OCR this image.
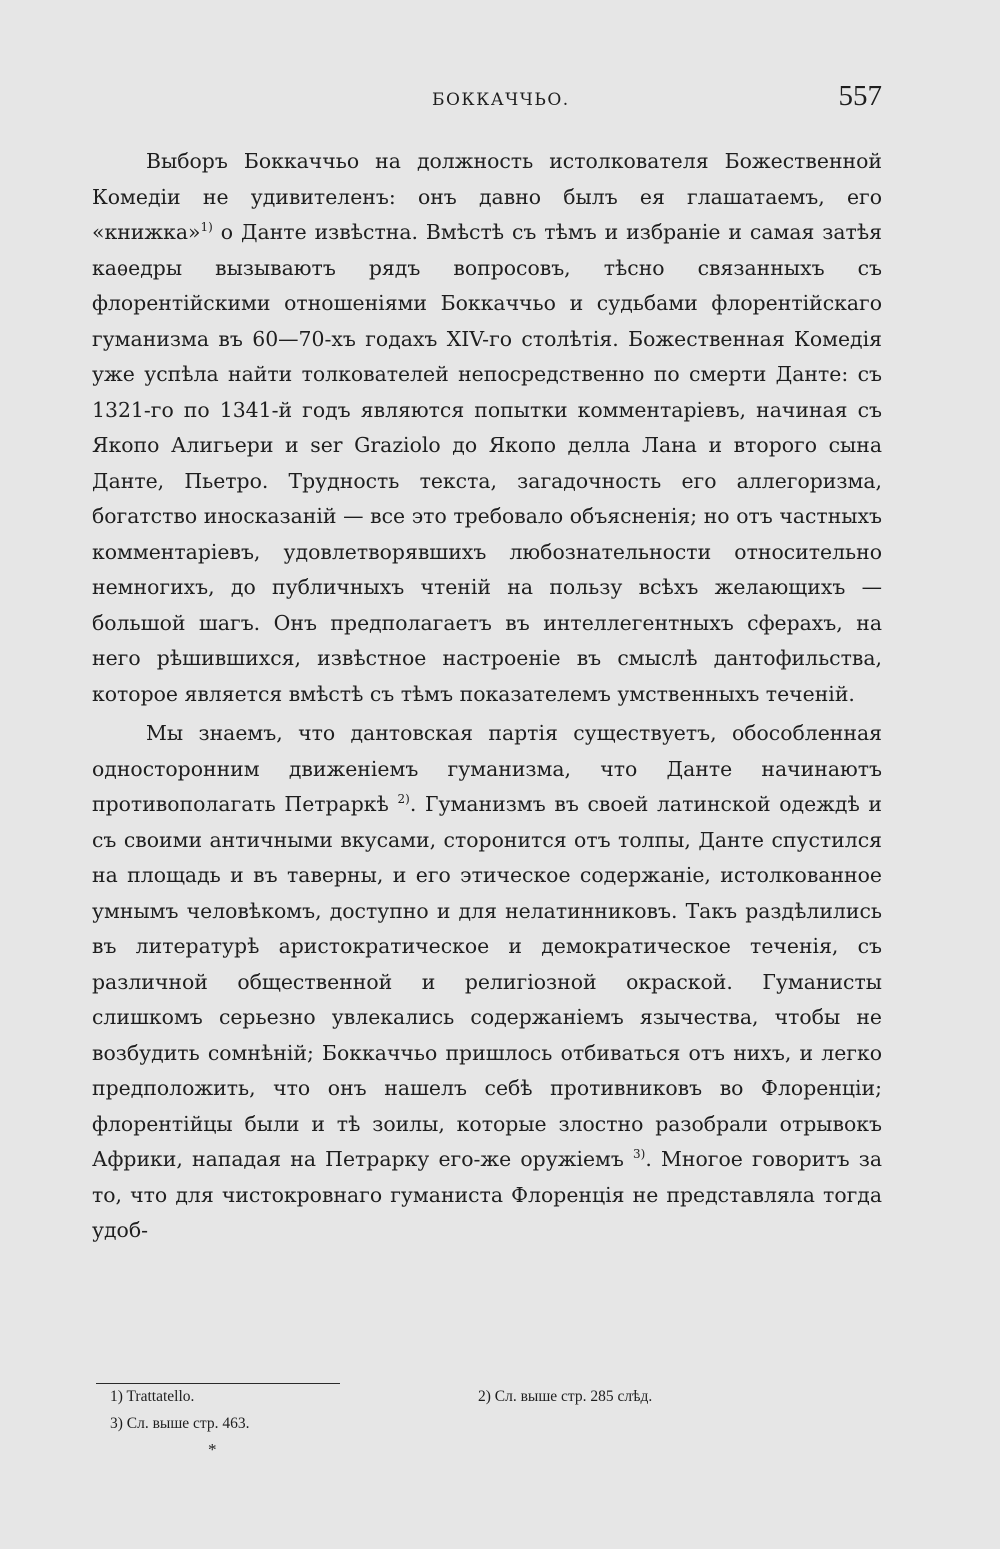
БОККАЧЧЬО.	557

Выборъ Боккаччьо на должность истолкователя Божественной Комедіи не удивителенъ: онъ давно былъ ея глашатаемъ, его «книжка»$^{1)}$ о Данте извѣстна. Вмѣстѣ съ тѣмъ и избраніе и самая затѣя каѳедры вызываютъ рядъ вопросовъ, тѣсно связанныхъ съ флорентійскими отношеніями Боккаччьо и судьбами флорентійскаго гуманизма въ 60—70-хъ годахъ XIV-го столѣтія. Божественная Комедія уже успѣла найти толкователей непосредственно по смерти Данте: съ 1321-го по 1341-й годъ являются попытки комментаріевъ, начиная съ Якопо Алигьери и ser Graziolo до Якопо делла Лана и второго сына Данте, Пьетро. Трудность текста, загадочность его аллегоризма, богатство иносказаній — все это требовало объясненія; но отъ частныхъ комментаріевъ, удовлетворявшихъ любознательности относительно немногихъ, до публичныхъ чтеній на пользу всѣхъ желающихъ — большой шагъ. Онъ предполагаетъ въ интеллегентныхъ сферахъ, на него рѣшившихся, извѣстное настроеніе въ смыслѣ дантофильства, которое является вмѣстѣ съ тѣмъ показателемъ умственныхъ теченій.

Мы знаемъ, что дантовская партія существуетъ, обособленная односторонним движеніемъ гуманизма, что Данте начинаютъ противополагать Петраркѣ $^{2)}$. Гуманизмъ въ своей латинской одеждѣ и съ своими античными вкусами, сторонится отъ толпы, Данте спустился на площадь и въ таверны, и его этическое содержаніе, истолкованное умнымъ человѣкомъ, доступно и для нелатинниковъ. Такъ раздѣлились въ литературѣ аристократическое и демократическое теченія, съ различной общественной и религіозной окраской. Гуманисты слишкомъ серьезно увлекались содержаніемъ язычества, чтобы не возбудить сомнѣній; Боккаччьо пришлось отбиваться отъ нихъ, и легко предположить, что онъ нашелъ себѣ противниковъ во Флоренціи; флорентійцы были и тѣ зоилы, которые злостно разобрали отрывокъ Африки, нападая на Петрарку его-же оружіемъ $^{3)}$. Многое говоритъ за то, что для чистокровнаго гуманиста Флоренція не представляла тогда удоб-

1) Trattatello.	2) Сл. выше стр. 285 слѣд.
3) Сл. выше стр. 463.
*
